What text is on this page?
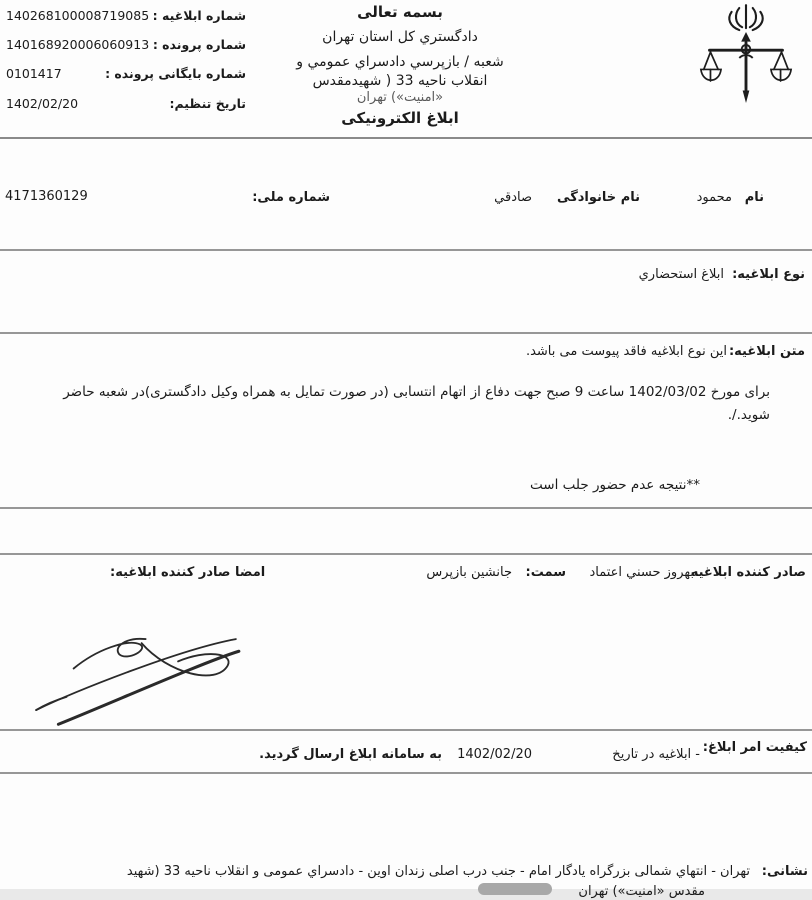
شماره ابلاغیه :
140268100008719085
شماره پرونده :
140168920006060913
شماره بایگانی پرونده :
0101417
تاریخ تنظیم:
1402/02/20
بسمه تعالی
دادگستري کل استان تهران
شعبه / بازپرسي دادسراي عمومي و
انقلاب ناحیه 33 ( شهیدمقدس
«امنیت») تهران
ابلاغ الکترونیکی
نام
محمود
نام خانوادگی
صادقي
شماره ملی:
4171360129
نوع ابلاغیه:
ابلاغ استحضاري
متن ابلاغیه:
این نوع ابلاغیه فاقد پیوست می باشد.
برای مورخ 1402/03/02 ساعت 9 صبح جهت دفاع از اتهام انتسابی (در صورت تمایل به همراه وکیل دادگستری)در شعبه حاضر شوید./.
**نتیجه عدم حضور جلب است
صادر کننده ابلاغیه
بهروز حسني اعتماد
سمت:
جانشین بازپرس
امضا صادر کننده ابلاغیه:
کیفیت امر ابلاغ:
- ابلاغیه در تاریخ
1402/02/20
به سامانه ابلاغ ارسال گردید.
نشانی:
تهران - انتهاي شمالی بزرگراه یادگار امام - جنب درب اصلی زندان اوین - دادسراي عمومی و انقلاب ناحیه 33 (شهید
مقدس «امنیت») تهران
